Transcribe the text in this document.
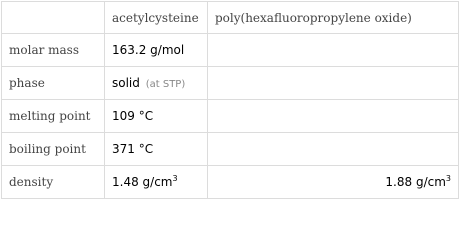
	acetylcysteine	poly(hexafluoropropylene oxide)
molar mass	163.2 g/mol	
phase	solid (at STP)	
melting point	109 °C	
boiling point	371 °C	
density	1.48 $g/cm^3$	1.88 $g/cm^3$
